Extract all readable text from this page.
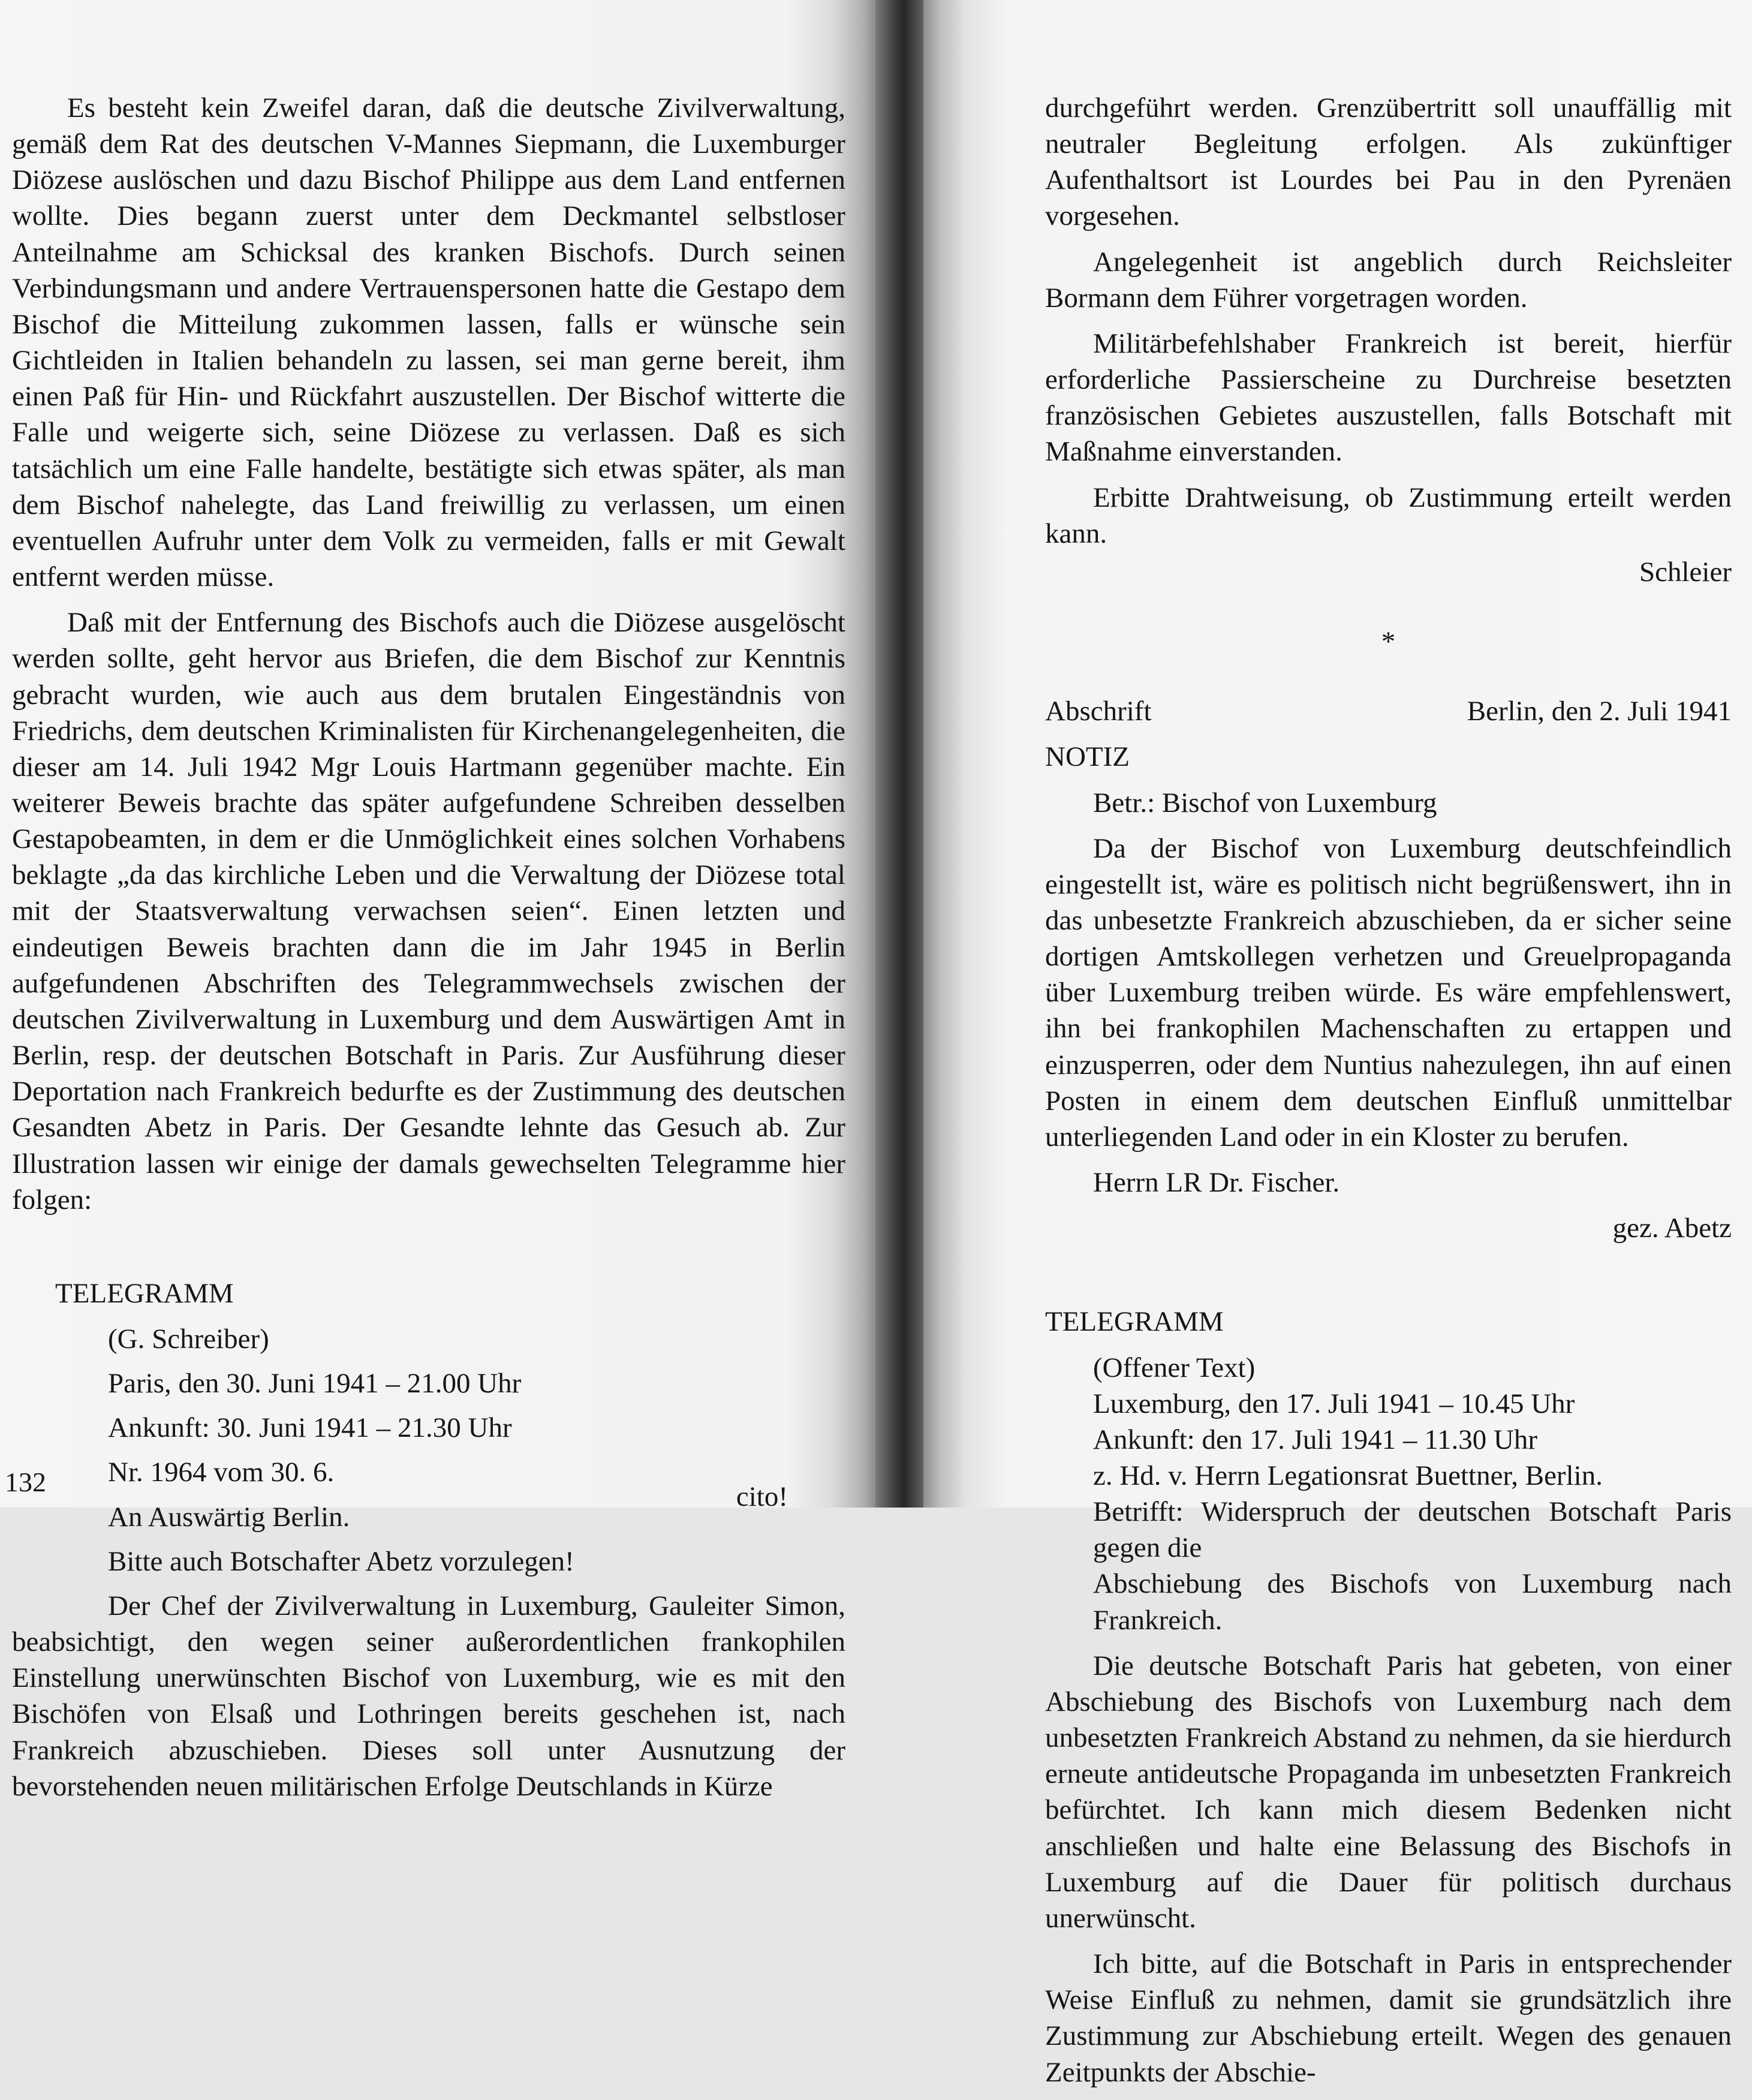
Es besteht kein Zweifel daran, daß die deutsche Zivilverwaltung, gemäß dem Rat des deutschen V-Mannes Siepmann, die Luxemburger Diözese auslöschen und dazu Bischof Philippe aus dem Land entfernen wollte. Dies begann zuerst unter dem Deckmantel selbstloser Anteilnahme am Schicksal des kranken Bischofs. Durch seinen Verbindungsmann und andere Vertrauenspersonen hatte die Gestapo dem Bischof die Mitteilung zukommen lassen, falls er wünsche sein Gichtleiden in Italien behandeln zu lassen, sei man gerne bereit, ihm einen Paß für Hin- und Rückfahrt auszustellen. Der Bischof witterte die Falle und weigerte sich, seine Diözese zu verlassen. Daß es sich tatsächlich um eine Falle handelte, bestätigte sich etwas später, als man dem Bischof nahelegte, das Land freiwillig zu verlassen, um einen eventuellen Aufruhr unter dem Volk zu vermeiden, falls er mit Gewalt entfernt werden müsse.

Daß mit der Entfernung des Bischofs auch die Diözese ausgelöscht werden sollte, geht hervor aus Briefen, die dem Bischof zur Kenntnis gebracht wurden, wie auch aus dem brutalen Eingeständnis von Friedrichs, dem deutschen Kriminalisten für Kirchenangelegenheiten, die dieser am 14. Juli 1942 Mgr Louis Hartmann gegenüber machte. Ein weiterer Beweis brachte das später aufgefundene Schreiben desselben Gestapobeamten, in dem er die Unmöglichkeit eines solchen Vorhabens beklagte „da das kirchliche Leben und die Verwaltung der Diözese total mit der Staatsverwaltung verwachsen seien“. Einen letzten und eindeutigen Beweis brachten dann die im Jahr 1945 in Berlin aufgefundenen Abschriften des Telegrammwechsels zwischen der deutschen Zivilverwaltung in Luxemburg und dem Auswärtigen Amt in Berlin, resp. der deutschen Botschaft in Paris. Zur Ausführung dieser Deportation nach Frankreich bedurfte es der Zustimmung des deutschen Gesandten Abetz in Paris. Der Gesandte lehnte das Gesuch ab. Zur Illustration lassen wir einige der damals gewechselten Telegramme hier folgen:

TELEGRAMM

(G. Schreiber)

Paris, den 30. Juni 1941 – 21.00 Uhr

Ankunft: 30. Juni 1941 – 21.30 Uhr

Nr. 1964 vom 30. 6.

An Auswärtig Berlin.
cito!

Bitte auch Botschafter Abetz vorzulegen!

Der Chef der Zivilverwaltung in Luxemburg, Gauleiter Simon, beabsichtigt, den wegen seiner außerordentlichen frankophilen Einstellung unerwünschten Bischof von Luxemburg, wie es mit den Bischöfen von Elsaß und Lothringen bereits geschehen ist, nach Frankreich abzuschieben. Dieses soll unter Ausnutzung der bevorstehenden neuen militärischen Erfolge Deutschlands in Kürze

132

durchgeführt werden. Grenzübertritt soll unauffällig mit neutraler Begleitung erfolgen. Als zukünftiger Aufenthaltsort ist Lourdes bei Pau in den Pyrenäen vorgesehen.

Angelegenheit ist angeblich durch Reichsleiter Bormann dem Führer vorgetragen worden.

Militärbefehlshaber Frankreich ist bereit, hierfür erforderliche Passierscheine zu Durchreise besetzten französischen Gebietes auszustellen, falls Botschaft mit Maßnahme einverstanden.

Erbitte Drahtweisung, ob Zustimmung erteilt werden kann.

Schleier

*

Abschrift	Berlin, den 2. Juli 1941

NOTIZ

Betr.: Bischof von Luxemburg

Da der Bischof von Luxemburg deutschfeindlich eingestellt ist, wäre es politisch nicht begrüßenswert, ihn in das unbesetzte Frankreich abzuschieben, da er sicher seine dortigen Amtskollegen verhetzen und Greuelpropaganda über Luxemburg treiben würde. Es wäre empfehlenswert, ihn bei frankophilen Machenschaften zu ertappen und einzusperren, oder dem Nuntius nahezulegen, ihn auf einen Posten in einem dem deutschen Einfluß unmittelbar unterliegenden Land oder in ein Kloster zu berufen.

Herrn LR Dr. Fischer.

gez. Abetz

TELEGRAMM

(Offener Text)

Luxemburg, den 17. Juli 1941 – 10.45 Uhr

Ankunft: den 17. Juli 1941 – 11.30 Uhr

z. Hd. v. Herrn Legationsrat Buettner, Berlin.

Betrifft: Widerspruch der deutschen Botschaft Paris gegen die

Abschiebung des Bischofs von Luxemburg nach Frankreich.

Die deutsche Botschaft Paris hat gebeten, von einer Abschiebung des Bischofs von Luxemburg nach dem unbesetzten Frankreich Abstand zu nehmen, da sie hierdurch erneute antideutsche Propaganda im unbesetzten Frankreich befürchtet. Ich kann mich diesem Bedenken nicht anschließen und halte eine Belassung des Bischofs in Luxemburg auf die Dauer für politisch durchaus unerwünscht.

Ich bitte, auf die Botschaft in Paris in entsprechender Weise Einfluß zu nehmen, damit sie grundsätzlich ihre Zustimmung zur Abschiebung erteilt. Wegen des genauen Zeitpunkts der Abschie-
